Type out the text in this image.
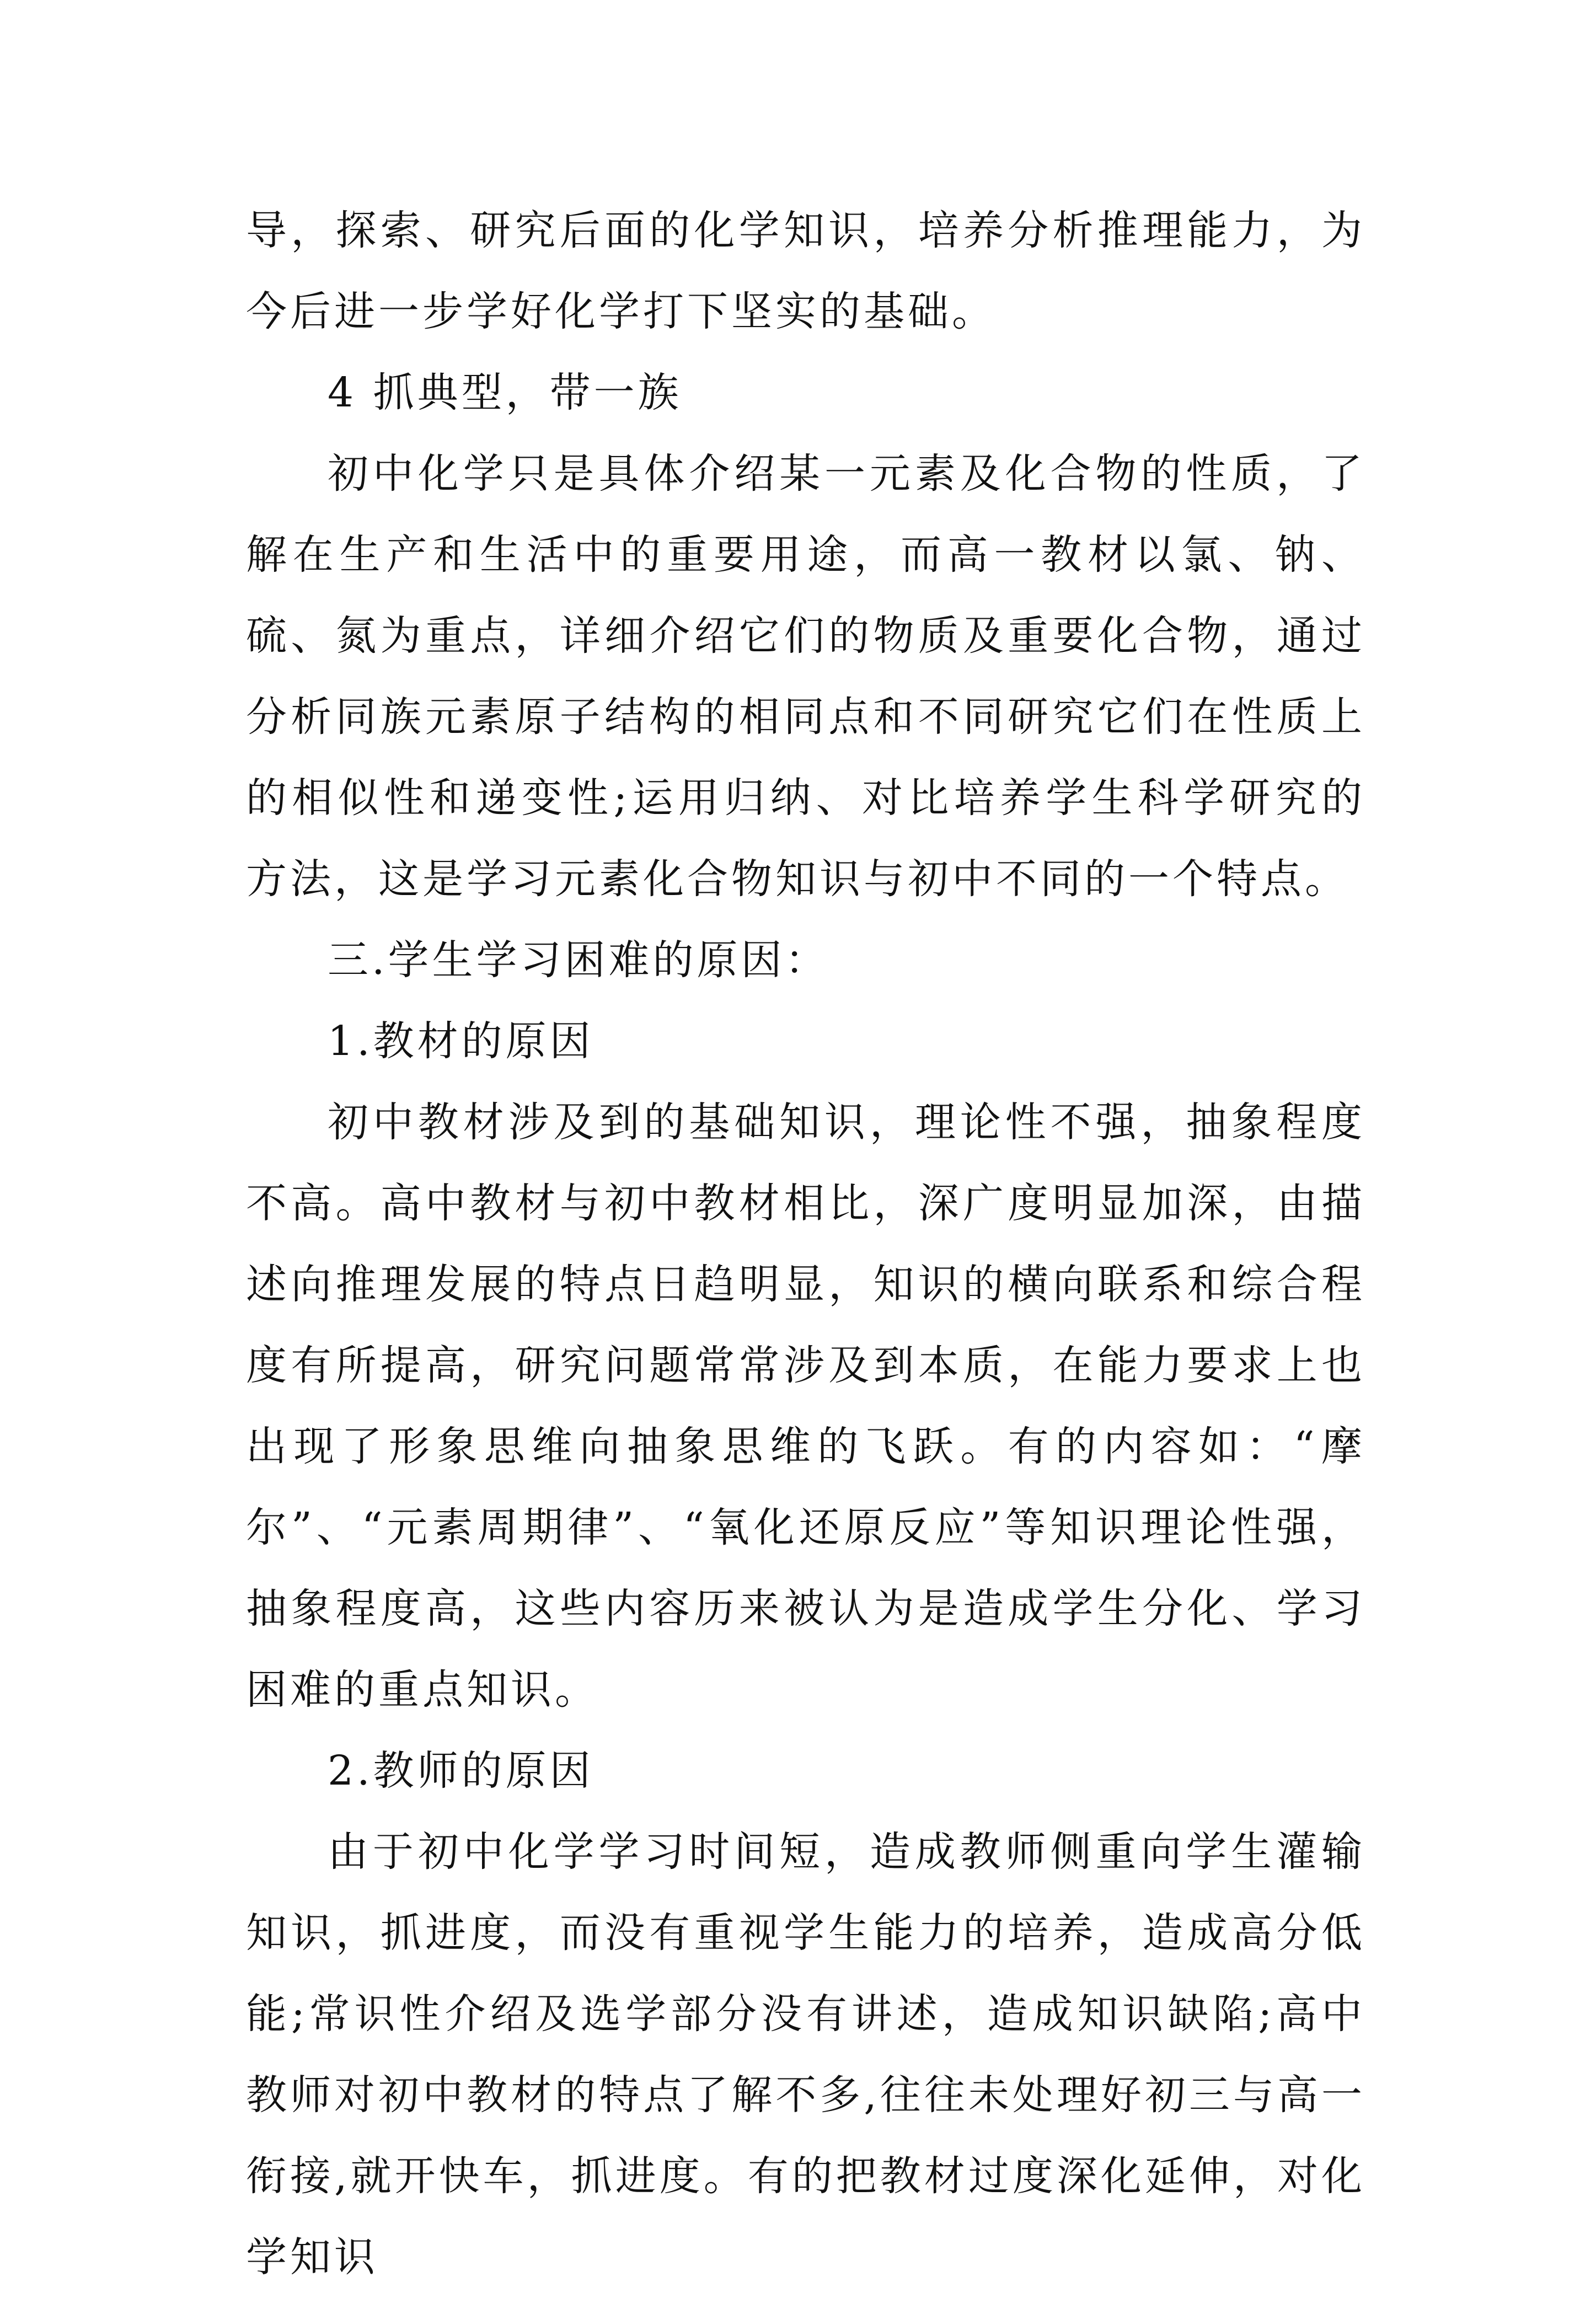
导，探索、研究后面的化学知识，培养分析推理能力，为今后进一步学好化学打下坚实的基础。

4 抓典型，带一族

初中化学只是具体介绍某一元素及化合物的性质，了解在生产和生活中的重要用途，而高一教材以氯、钠、硫、氮为重点，详细介绍它们的物质及重要化合物，通过分析同族元素原子结构的相同点和不同研究它们在性质上的相似性和递变性;运用归纳、对比培养学生科学研究的方法，这是学习元素化合物知识与初中不同的一个特点。

三.学生学习困难的原因：

1.教材的原因

初中教材涉及到的基础知识，理论性不强，抽象程度不高。高中教材与初中教材相比，深广度明显加深，由描述向推理发展的特点日趋明显，知识的横向联系和综合程度有所提高，研究问题常常涉及到本质，在能力要求上也出现了形象思维向抽象思维的飞跃。有的内容如：“摩尔”、“元素周期律”、“氧化还原反应”等知识理论性强，抽象程度高，这些内容历来被认为是造成学生分化、学习困难的重点知识。

2.教师的原因

由于初中化学学习时间短，造成教师侧重向学生灌输知识，抓进度，而没有重视学生能力的培养，造成高分低能;常识性介绍及选学部分没有讲述，造成知识缺陷;高中教师对初中教材的特点了解不多,往往未处理好初三与高一衔接,就开快车，抓进度。有的把教材过度深化延伸，对化学知识
